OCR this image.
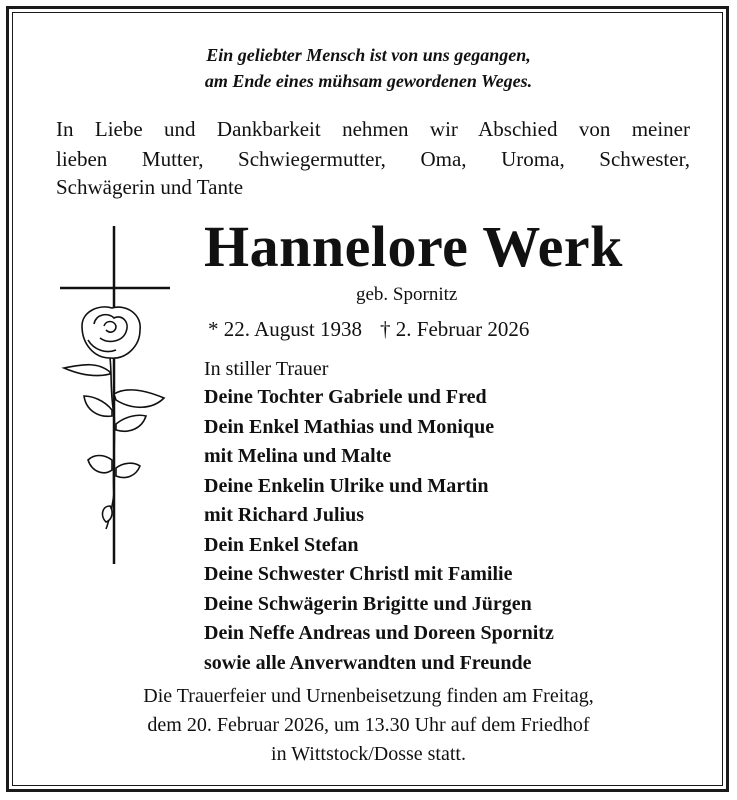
Ein geliebter Mensch ist von uns gegangen,
am Ende eines mühsam gewordenen Weges.
In Liebe und Dankbarkeit nehmen wir Abschied von meiner
lieben Mutter, Schwiegermutter, Oma, Uroma, Schwester,
Schwägerin und Tante
Hannelore Werk
geb. Spornitz
* 22. August 1938 † 2. Februar 2026
In stiller Trauer
Deine Tochter Gabriele und Fred
Dein Enkel Mathias und Monique
mit Melina und Malte
Deine Enkelin Ulrike und Martin
mit Richard Julius
Dein Enkel Stefan
Deine Schwester Christl mit Familie
Deine Schwägerin Brigitte und Jürgen
Dein Neffe Andreas und Doreen Spornitz
sowie alle Anverwandten und Freunde
Die Trauerfeier und Urnenbeisetzung finden am Freitag,
dem 20. Februar 2026, um 13.30 Uhr auf dem Friedhof
in Wittstock/Dosse statt.
